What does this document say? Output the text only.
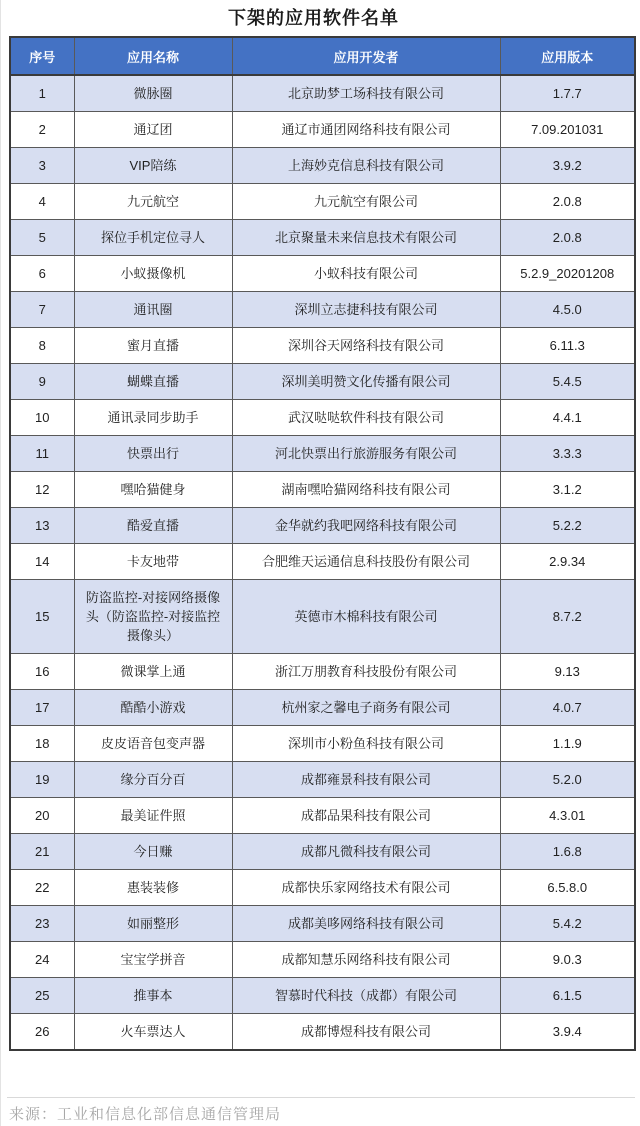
下架的应用软件名单
序号	应用名称	应用开发者	应用版本
1	微脉圈	北京助梦工场科技有限公司	1.7.7
2	通辽团	通辽市通团网络科技有限公司	7.09.201031
3	VIP陪练	上海妙克信息科技有限公司	3.9.2
4	九元航空	九元航空有限公司	2.0.8
5	探位手机定位寻人	北京聚量未来信息技术有限公司	2.0.8
6	小蚁摄像机	小蚁科技有限公司	5.2.9_20201208
7	通讯圈	深圳立志捷科技有限公司	4.5.0
8	蜜月直播	深圳谷天网络科技有限公司	6.11.3
9	蝴蝶直播	深圳美明赞文化传播有限公司	5.4.5
10	通讯录同步助手	武汉哒哒软件科技有限公司	4.4.1
11	快票出行	河北快票出行旅游服务有限公司	3.3.3
12	嘿哈猫健身	湖南嘿哈猫网络科技有限公司	3.1.2
13	酷爱直播	金华就约我吧网络科技有限公司	5.2.2
14	卡友地带	合肥维天运通信息科技股份有限公司	2.9.34
15	防盗监控-对接网络摄像头（防盗监控-对接监控摄像头）	英德市木棉科技有限公司	8.7.2
16	微课掌上通	浙江万朋教育科技股份有限公司	9.13
17	酷酷小游戏	杭州家之馨电子商务有限公司	4.0.7
18	皮皮语音包变声器	深圳市小粉鱼科技有限公司	1.1.9
19	缘分百分百	成都雍景科技有限公司	5.2.0
20	最美证件照	成都品果科技有限公司	4.3.01
21	今日赚	成都凡微科技有限公司	1.6.8
22	惠装装修	成都快乐家网络技术有限公司	6.5.8.0
23	如丽整形	成都美哆网络科技有限公司	5.4.2
24	宝宝学拼音	成都知慧乐网络科技有限公司	9.0.3
25	推事本	智慕时代科技（成都）有限公司	6.1.5
26	火车票达人	成都博煜科技有限公司	3.9.4
来源：工业和信息化部信息通信管理局
